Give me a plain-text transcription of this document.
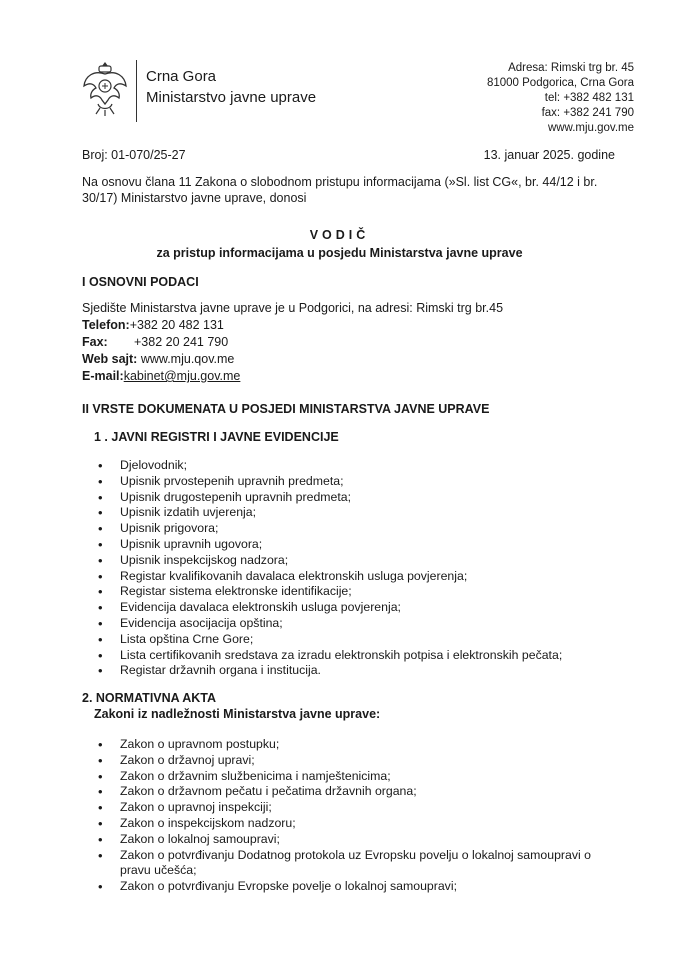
Crna Gora
Ministarstvo javne uprave
Adresa: Rimski trg br. 45
81000 Podgorica, Crna Gora
tel: +382 482 131
fax: +382 241 790
www.mju.gov.me
Broj: 01-070/25-27	13. januar 2025. godine
Na osnovu člana 11 Zakona o slobodnom pristupu informacijama (»Sl. list CG«, br. 44/12 i br. 30/17) Ministarstvo javne uprave, donosi
VODIČ
za pristup informacijama u posjedu Ministarstva javne uprave
I OSNOVNI PODACI
Sjedište Ministarstva javne uprave je u Podgorici, na adresi: Rimski trg br.45
Telefon:+382 20 482 131
Fax: +382 20 241 790
Web sajt: www.mju.qov.me
E-mail:kabinet@mju.gov.me
II VRSTE DOKUMENATA U POSJEDI MINISTARSTVA JAVNE UPRAVE
1 . JAVNI REGISTRI I JAVNE EVIDENCIJE
• Djelovodnik;
• Upisnik prvostepenih upravnih predmeta;
• Upisnik drugostepenih upravnih predmeta;
• Upisnik izdatih uvjerenja;
• Upisnik prigovora;
• Upisnik upravnih ugovora;
• Upisnik inspekcijskog nadzora;
• Registar kvalifikovanih davalaca elektronskih usluga povjerenja;
• Registar sistema elektronske identifikacije;
• Evidencija davalaca elektronskih usluga povjerenja;
• Evidencija asocijacija opština;
• Lista opština Crne Gore;
• Lista certifikovanih sredstava za izradu elektronskih potpisa i elektronskih pečata;
• Registar državnih organa i institucija.
2. NORMATIVNA AKTA
Zakoni iz nadležnosti Ministarstva javne uprave:
• Zakon o upravnom postupku;
• Zakon o državnoj upravi;
• Zakon o državnim službenicima i namještenicima;
• Zakon o državnom pečatu i pečatima državnih organa;
• Zakon o upravnoj inspekciji;
• Zakon o inspekcijskom nadzoru;
• Zakon o lokalnoj samoupravi;
• Zakon o potvrđivanju Dodatnog protokola uz Evropsku povelju o lokalnoj samoupravi o pravu učešća;
• Zakon o potvrđivanju Evropske povelje o lokalnoj samoupravi;
